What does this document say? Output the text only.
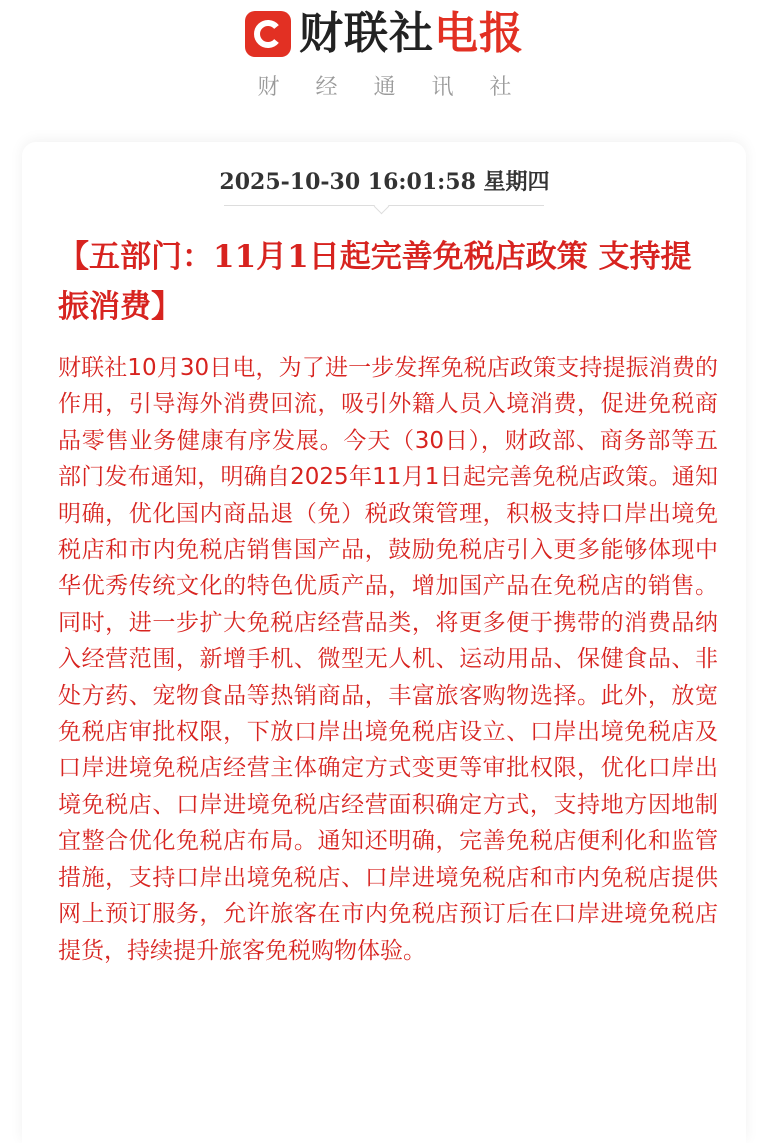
财联社 电报
财经通讯社
2025-10-30 16:01:58 星期四
【五部门：11月1日起完善免税店政策 支持提振消费】

财联社10月30日电，为了进一步发挥免税店政策支持提振消费的作用，引导海外消费回流，吸引外籍人员入境消费，促进免税商品零售业务健康有序发展。今天（30日），财政部、商务部等五部门发布通知，明确自2025年11月1日起完善免税店政策。通知明确，优化国内商品退（免）税政策管理，积极支持口岸出境免税店和市内免税店销售国产品，鼓励免税店引入更多能够体现中华优秀传统文化的特色优质产品，增加国产品在免税店的销售。同时，进一步扩大免税店经营品类，将更多便于携带的消费品纳入经营范围，新增手机、微型无人机、运动用品、保健食品、非处方药、宠物食品等热销商品，丰富旅客购物选择。此外，放宽免税店审批权限，下放口岸出境免税店设立、口岸出境免税店及口岸进境免税店经营主体确定方式变更等审批权限，优化口岸出境免税店、口岸进境免税店经营面积确定方式，支持地方因地制宜整合优化免税店布局。通知还明确，完善免税店便利化和监管措施，支持口岸出境免税店、口岸进境免税店和市内免税店提供网上预订服务，允许旅客在市内免税店预订后在口岸进境免税店提货，持续提升旅客免税购物体验。
